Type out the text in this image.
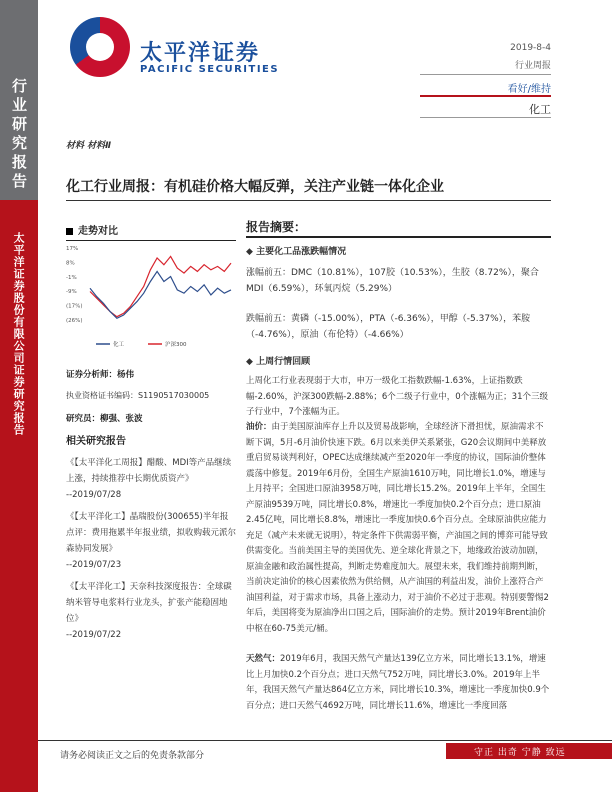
行业研究报告
太平洋证券股份有限公司证券研究报告
太平洋证券
PACIFIC SECURITIES
2019-8-4
行业周报
看好/维持
化工
材料 材料Ⅱ
化工行业周报：有机硅价格大幅反弹，关注产业链一体化企业
走势对比
17%
8%
-1%
-9%
(17%)
(26%)
化工	沪深300
证券分析师：杨伟
执业资格证书编码：S1190517030005
研究员：柳强、张波
相关研究报告
《【太平洋化工周报】醋酸、MDI等产品继续上涨，持续推荐中长期优质资产》
--2019/07/28
《【太平洋化工】晶瑞股份(300655)半年报点评：费用拖累半年报业绩，拟收购载元派尔森协同发展》
--2019/07/23
《【太平洋化工】天奈科技深度报告：全球碳纳米管导电浆料行业龙头，扩张产能稳固地位》
--2019/07/22
报告摘要：
◆ 主要化工品涨跌幅情况
涨幅前五：DMC（10.81%），107胶（10.53%），生胶（8.72%），聚合MDI（6.59%），环氧丙烷（5.29%）
跌幅前五：黄磷（-15.00%），PTA（-6.36%），甲醇（-5.37%），苯胺（-4.76%），原油（布伦特）（-4.66%）
◆ 上周行情回顾
上周化工行业表现弱于大市，申万一级化工指数跌幅-1.63%，上证指数跌幅-2.60%，沪深300跌幅-2.88%；6个二级子行业中，0个涨幅为正；31个三级子行业中，7个涨幅为正。
油价：由于美国原油库存上升以及贸易战影响，全球经济下滑担忧，原油需求不断下调，5月-6月油价快速下跌。6月以来美伊关系紧张，G20会议期间中美释放重启贸易谈判利好，OPEC达成继续减产至2020年一季度的协议，国际油价整体震荡中修复。2019年6月份，全国生产原油1610万吨，同比增长1.0%，增速与上月持平；全国进口原油3958万吨，同比增长15.2%。2019年上半年，全国生产原油9539万吨，同比增长0.8%，增速比一季度加快0.2个百分点；进口原油2.45亿吨，同比增长8.8%，增速比一季度加快0.6个百分点。全球原油供应能力充足（减产未来就无说明），特定条件下供需弱平衡，产油国之间的博弈可能导致供需变化。当前美国主导的美国优先、逆全球化背景之下，地缘政治波动加剧，原油金融和政治属性提高，判断走势难度加大。展望未来，我们维持前期判断，当前决定油价的核心因素依然为供给侧，从产油国的利益出发，油价上涨符合产油国利益，对于需求市场，具备上涨动力，对于油价不必过于悲观。特别要警惕2年后，美国将变为原油净出口国之后，国际油价的走势。预计2019年Brent油价中枢在60-75美元/桶。
天然气：2019年6月，我国天然气产量达139亿立方米，同比增长13.1%，增速比上月加快0.2个百分点；进口天然气752万吨，同比增长3.0%。2019年上半年，我国天然气产量达864亿立方米，同比增长10.3%，增速比一季度加快0.9个百分点；进口天然气4692万吨，同比增长11.6%，增速比一季度回落
请务必阅读正文之后的免责条款部分	守正 出奇 宁静 致远
